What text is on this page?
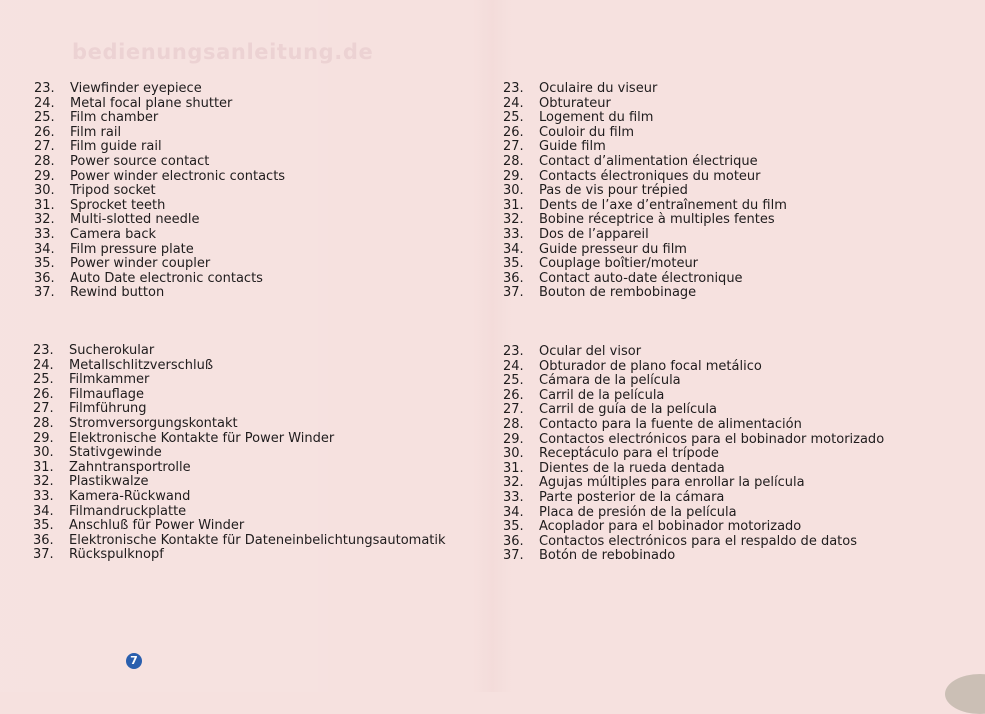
bedienungsanleitung.de
23. Viewfinder eyepiece
24. Metal focal plane shutter
25. Film chamber
26. Film rail
27. Film guide rail
28. Power source contact
29. Power winder electronic contacts
30. Tripod socket
31. Sprocket teeth
32. Multi-slotted needle
33. Camera back
34. Film pressure plate
35. Power winder coupler
36. Auto Date electronic contacts
37. Rewind button
23. Oculaire du viseur
24. Obturateur
25. Logement du film
26. Couloir du film
27. Guide film
28. Contact d’alimentation électrique
29. Contacts électroniques du moteur
30. Pas de vis pour trépied
31. Dents de l’axe d’entraînement du film
32. Bobine réceptrice à multiples fentes
33. Dos de l’appareil
34. Guide presseur du film
35. Couplage boîtier/moteur
36. Contact auto-date électronique
37. Bouton de rembobinage
23. Sucherokular
24. Metallschlitzverschluß
25. Filmkammer
26. Filmauflage
27. Filmführung
28. Stromversorgungskontakt
29. Elektronische Kontakte für Power Winder
30. Stativgewinde
31. Zahntransportrolle
32. Plastikwalze
33. Kamera-Rückwand
34. Filmandruckplatte
35. Anschluß für Power Winder
36. Elektronische Kontakte für Dateneinbelichtungsautomatik
37. Rückspulknopf
23. Ocular del visor
24. Obturador de plano focal metálico
25. Cámara de la película
26. Carril de la película
27. Carril de guía de la película
28. Contacto para la fuente de alimentación
29. Contactos electrónicos para el bobinador motorizado
30. Receptáculo para el trípode
31. Dientes de la rueda dentada
32. Agujas múltiples para enrollar la película
33. Parte posterior de la cámara
34. Placa de presión de la película
35. Acoplador para el bobinador motorizado
36. Contactos electrónicos para el respaldo de datos
37. Botón de rebobinado
7
